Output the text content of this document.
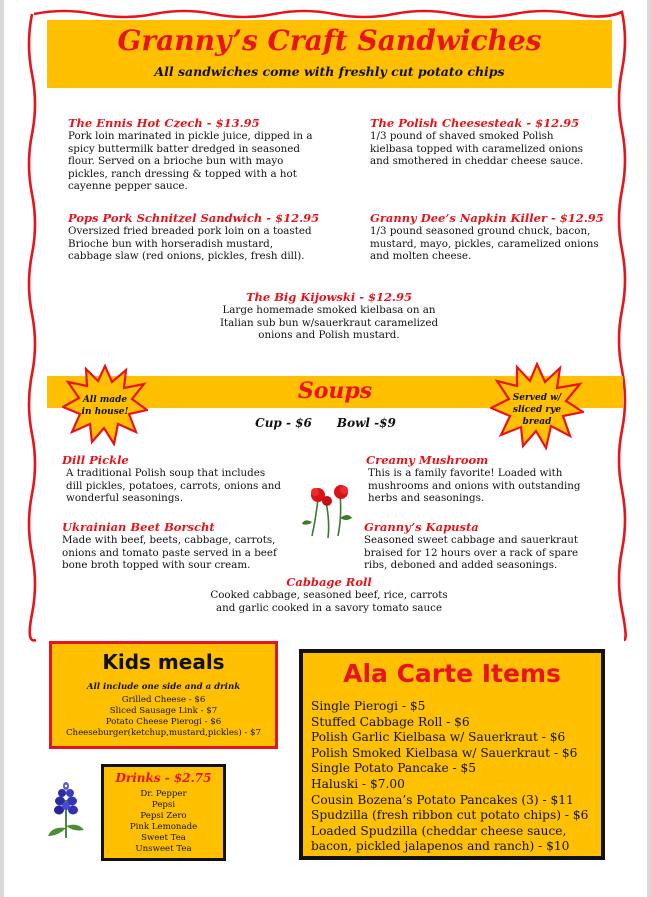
Granny’s Craft Sandwiches
All sandwiches come with freshly cut potato chips
The Ennis Hot Czech - $13.95
Pork loin marinated in pickle juice, dipped in a
spicy buttermilk batter dredged in seasoned
flour. Served on a brioche bun with mayo
pickles, ranch dressing & topped with a hot
cayenne pepper sauce.
The Polish Cheesesteak - $12.95
1/3 pound of shaved smoked Polish
kielbasa topped with caramelized onions
and smothered in cheddar cheese sauce.
Pops Pork Schnitzel Sandwich - $12.95
Oversized fried breaded pork loin on a toasted
Brioche bun with horseradish mustard,
cabbage slaw (red onions, pickles, fresh dill).
Granny Dee’s Napkin Killer - $12.95
1/3 pound seasoned ground chuck, bacon,
mustard, mayo, pickles, caramelized onions
and molten cheese.
The Big Kijowski - $12.95
Large homemade smoked kielbasa on an
Italian sub bun w/sauerkraut caramelized
onions and Polish mustard.
Soups
Cup - $6      Bowl -$9
All made
in house!
Served w/
sliced rye
bread
Dill Pickle
A traditional Polish soup that includes
dill pickles, potatoes, carrots, onions and
wonderful seasonings.
Creamy Mushroom
This is a family favorite! Loaded with
mushrooms and onions with outstanding
herbs and seasonings.
Ukrainian Beet Borscht
Made with beef, beets, cabbage, carrots,
onions and tomato paste served in a beef
bone broth topped with sour cream.
Granny’s Kapusta
Seasoned sweet cabbage and sauerkraut
braised for 12 hours over a rack of spare
ribs, deboned and added seasonings.
Cabbage Roll
Cooked cabbage, seasoned beef, rice, carrots
and garlic cooked in a savory tomato sauce
Kids meals
All include one side and a drink
Grilled Cheese - $6
Sliced Sausage Link - $7
Potato Cheese Pierogi - $6
Cheeseburger(ketchup,mustard,pickles) - $7
Drinks - $2.75
Dr. Pepper
Pepsi
Pepsi Zero
Pink Lemonade
Sweet Tea
Unsweet Tea
Ala Carte Items
Single Pierogi - $5
Stuffed Cabbage Roll - $6
Polish Garlic Kielbasa w/ Sauerkraut - $6
Polish Smoked Kielbasa w/ Sauerkraut - $6
Single Potato Pancake - $5
Haluski - $7.00
Cousin Bozena’s Potato Pancakes (3) - $11
Spudzilla (fresh ribbon cut potato chips) - $6
Loaded Spudzilla (cheddar cheese sauce,
bacon, pickled jalapenos and ranch) - $10
